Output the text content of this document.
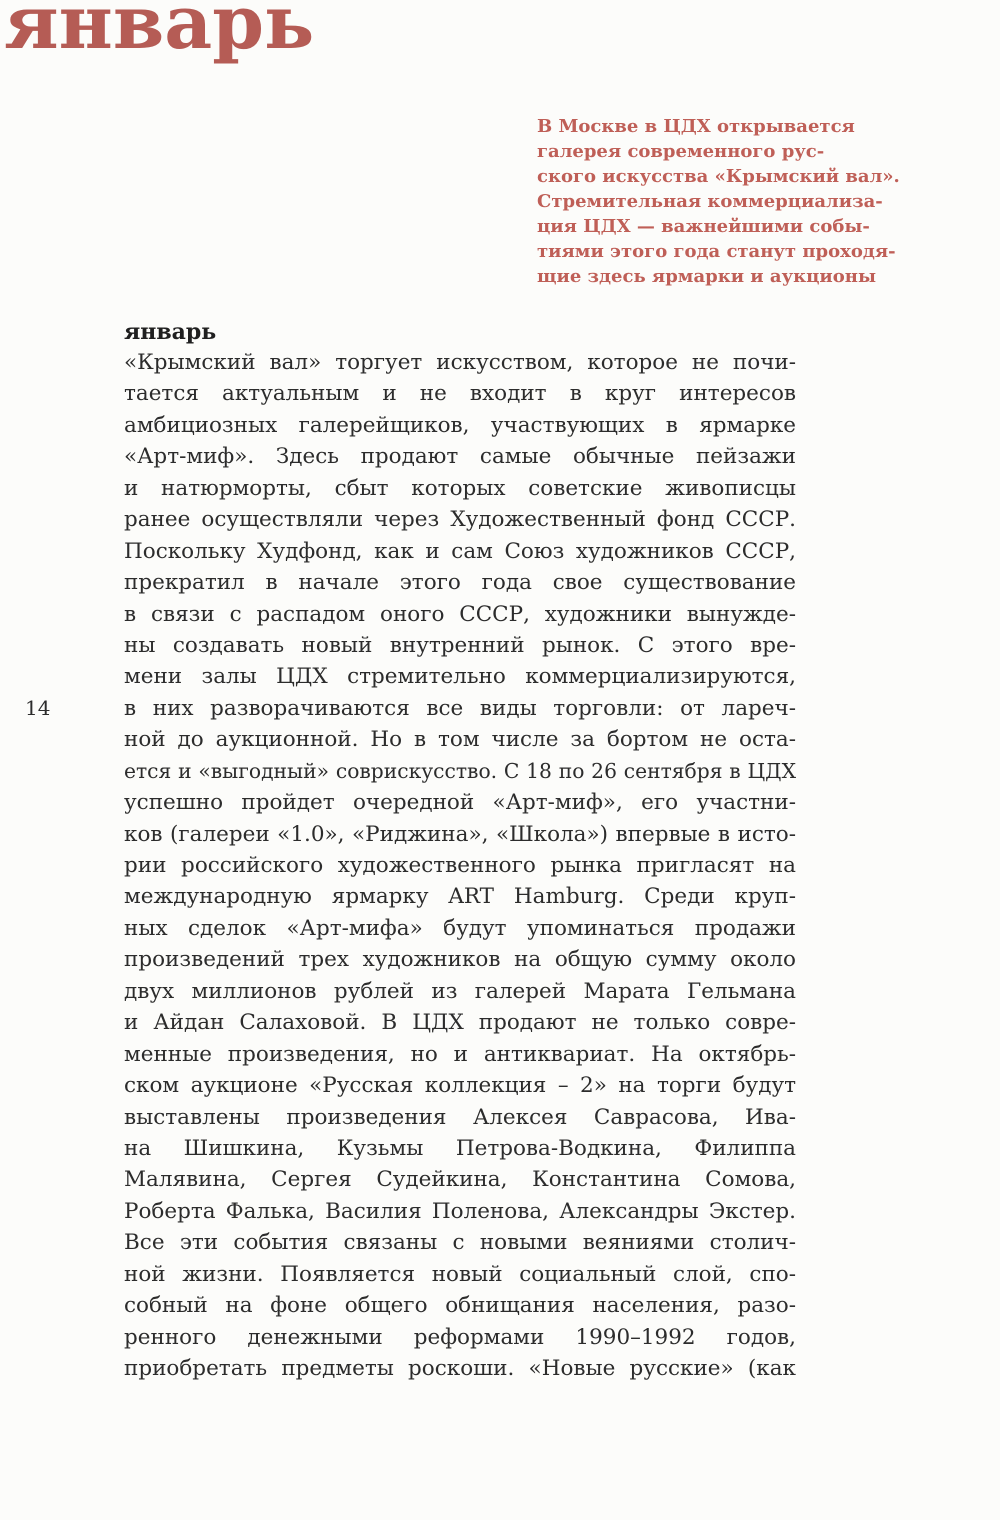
январь

В Москве в ЦДХ открывается
галерея современного рус-
ского искусства «Крымский вал».
Стремительная коммерциализа-
ция ЦДХ — важнейшими собы-
тиями этого года станут проходя-
щие здесь ярмарки и аукционы

январь
«Крымский вал» торгует искусством, которое не почи-
тается актуальным и не входит в круг интересов
амбициозных галерейщиков, участвующих в ярмарке
«Арт-миф». Здесь продают самые обычные пейзажи
и натюрморты, сбыт которых советские живописцы
ранее осуществляли через Художественный фонд СССР.
Поскольку Худфонд, как и сам Союз художников СССР,
прекратил в начале этого года свое существование
в связи с распадом оного СССР, художники вынужде-
ны создавать новый внутренний рынок. С этого вре-
мени залы ЦДХ стремительно коммерциализируются,
в них разворачиваются все виды торговли: от лареч-
ной до аукционной. Но в том числе за бортом не оста-
ется и «выгодный» соврискусство. С 18 по 26 сентября в ЦДХ
успешно пройдет очередной «Арт-миф», его участни-
ков (галереи «1.0», «Риджина», «Школа») впервые в исто-
рии российского художественного рынка пригласят на
международную ярмарку ART Hamburg. Среди круп-
ных сделок «Арт-мифа» будут упоминаться продажи
произведений трех художников на общую сумму около
двух миллионов рублей из галерей Марата Гельмана
и Айдан Салаховой. В ЦДХ продают не только совре-
менные произведения, но и антиквариат. На октябрь-
ском аукционе «Русская коллекция – 2» на торги будут
выставлены произведения Алексея Саврасова, Ива-
на Шишкина, Кузьмы Петрова-Водкина, Филиппа
Малявина, Сергея Судейкина, Константина Сомова,
Роберта Фалька, Василия Поленова, Александры Экстер.
Все эти события связаны с новыми веяниями столич-
ной жизни. Появляется новый социальный слой, спо-
собный на фоне общего обнищания населения, разо-
ренного денежными реформами 1990–1992 годов,
приобретать предметы роскоши. «Новые русские» (как
14
